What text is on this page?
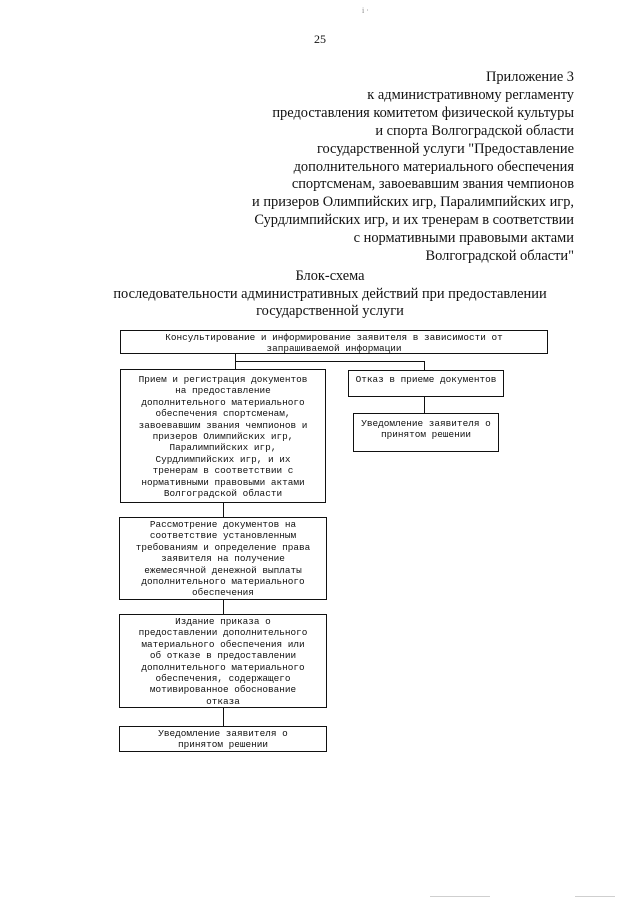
i ·
25
Приложение 3
к административному регламенту
предоставления комитетом физической культуры
и спорта Волгоградской области
государственной услуги "Предоставление
дополнительного материального обеспечения
спортсменам, завоевавшим звания чемпионов
и призеров Олимпийских игр, Паралимпийских игр,
Сурдлимпийских игр, и их тренерам в соответствии
с нормативными правовыми актами
Волгоградской области"
Блок-схема
последовательности административных действий при предоставлении
государственной услуги
Консультирование и информирование заявителя в зависимости от
запрашиваемой информации
Прием и регистрация документов
на предоставление
дополнительного материального
обеспечения спортсменам,
завоевавшим звания чемпионов и
призеров Олимпийских игр,
Паралимпийских игр,
Сурдлимпийских игр, и их
тренерам в соответствии с
нормативными правовыми актами
Волгоградской области
Отказ в приеме документов
Уведомление заявителя о
принятом решении
Рассмотрение документов на
соответствие установленным
требованиям и определение права
заявителя на получение
ежемесячной денежной выплаты
дополнительного материального
обеспечения
Издание приказа о
предоставлении дополнительного
материального обеспечения или
об отказе в предоставлении
дополнительного материального
обеспечения, содержащего
мотивированное обоснование
отказа
Уведомление заявителя о
принятом решении
